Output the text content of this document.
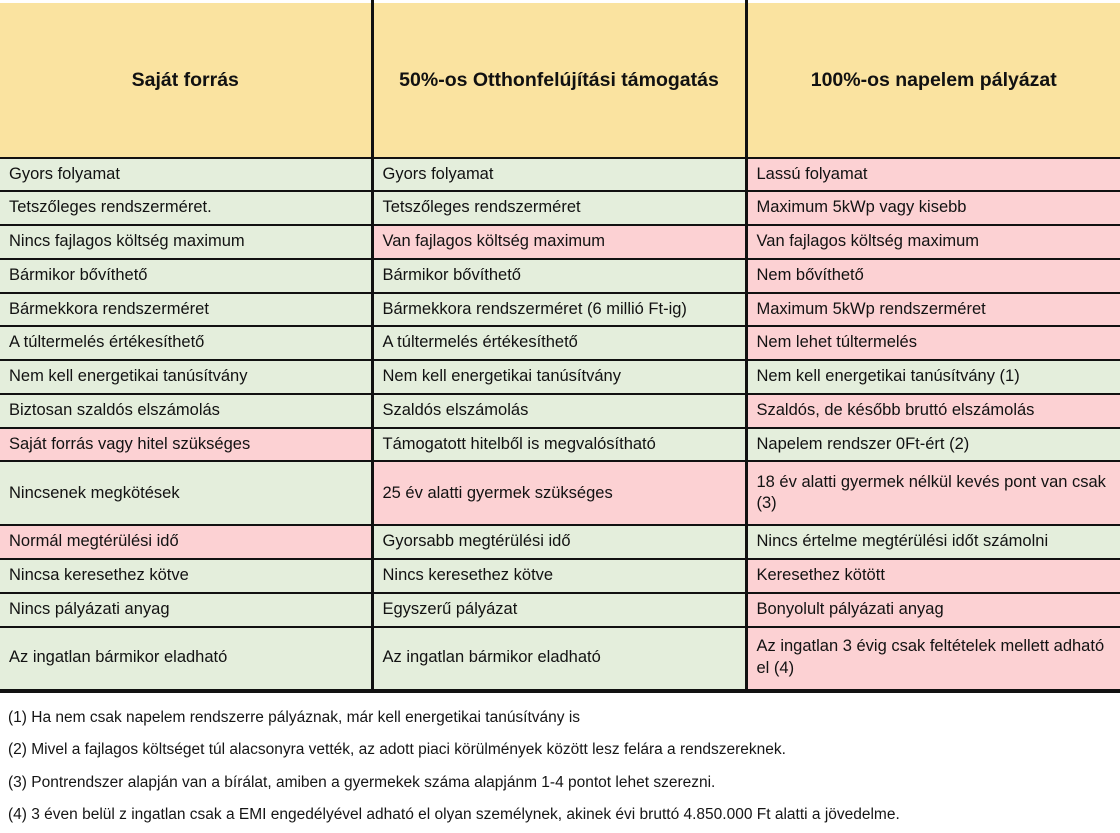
Saját forrás	50%-os Otthonfelújítási támogatás	100%-os napelem pályázat
Gyors folyamat	Gyors folyamat	Lassú folyamat
Tetszőleges rendszerméret.	Tetszőleges rendszerméret	Maximum 5kWp vagy kisebb
Nincs fajlagos költség maximum	Van fajlagos költség maximum	Van fajlagos költség maximum
Bármikor bővíthető	Bármikor bővíthető	Nem bővíthető
Bármekkora rendszerméret	Bármekkora rendszerméret (6 millió Ft-ig)	Maximum 5kWp rendszerméret
A túltermelés értékesíthető	A túltermelés értékesíthető	Nem lehet túltermelés
Nem kell energetikai tanúsítvány	Nem kell energetikai tanúsítvány	Nem kell energetikai tanúsítvány (1)
Biztosan szaldós elszámolás	Szaldós elszámolás	Szaldós, de később bruttó elszámolás
Saját forrás vagy hitel szükséges	Támogatott hitelből is megvalósítható	Napelem rendszer 0Ft-ért (2)
Nincsenek megkötések	25 év alatti gyermek szükséges	18 év alatti gyermek nélkül kevés pont van csak (3)
Normál megtérülési idő	Gyorsabb megtérülési idő	Nincs értelme megtérülési időt számolni
Nincsa keresethez kötve	Nincs keresethez kötve	Keresethez kötött
Nincs pályázati anyag	Egyszerű pályázat	Bonyolult pályázati anyag
Az ingatlan bármikor eladható	Az ingatlan bármikor eladható	Az ingatlan 3 évig csak feltételek mellett adható el (4)

(1) Ha nem csak napelem rendszerre pályáznak, már kell energetikai tanúsítvány is

(2) Mivel a fajlagos költséget túl alacsonyra vették, az adott piaci körülmények között lesz felára a rendszereknek.

(3) Pontrendszer alapján van a bírálat, amiben a gyermekek száma alapjánm 1-4 pontot lehet szerezni.

(4) 3 éven belül z ingatlan csak a EMI engedélyével adható el olyan személynek, akinek évi bruttó 4.850.000 Ft alatti a jövedelme.
